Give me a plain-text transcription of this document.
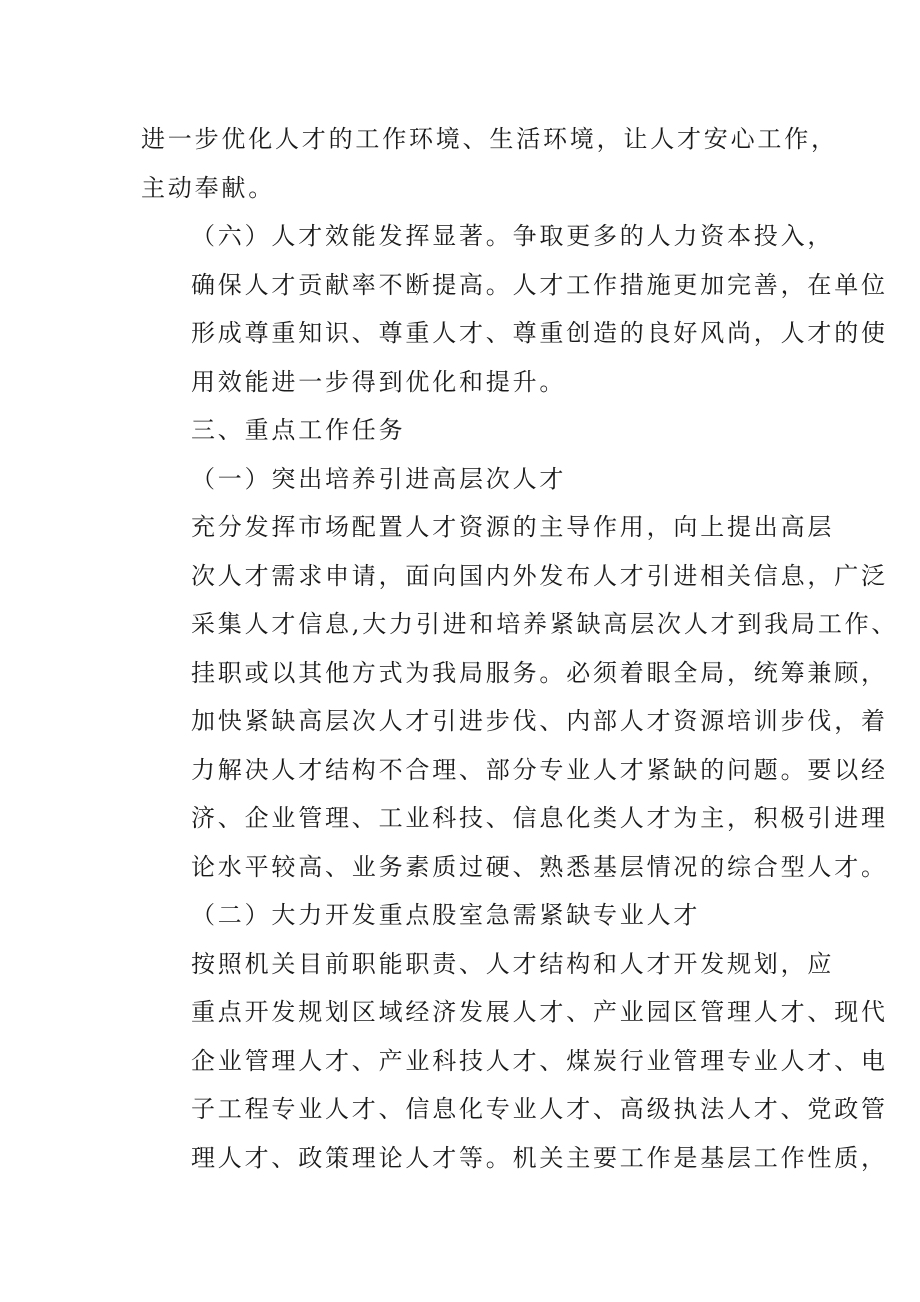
进一步优化人才的工作环境、生活环境，让人才安心工作，
主动奉献。
（六）人才效能发挥显著。争取更多的人力资本投入，
确保人才贡献率不断提高。人才工作措施更加完善，在单位
形成尊重知识、尊重人才、尊重创造的良好风尚，人才的使
用效能进一步得到优化和提升。
三、重点工作任务
（一）突出培养引进高层次人才
充分发挥市场配置人才资源的主导作用，向上提出高层
次人才需求申请，面向国内外发布人才引进相关信息，广泛
采集人才信息,大力引进和培养紧缺高层次人才到我局工作、
挂职或以其他方式为我局服务。必须着眼全局，统筹兼顾，
加快紧缺高层次人才引进步伐、内部人才资源培训步伐，着
力解决人才结构不合理、部分专业人才紧缺的问题。要以经
济、企业管理、工业科技、信息化类人才为主，积极引进理
论水平较高、业务素质过硬、熟悉基层情况的综合型人才。
（二）大力开发重点股室急需紧缺专业人才
按照机关目前职能职责、人才结构和人才开发规划，应
重点开发规划区域经济发展人才、产业园区管理人才、现代
企业管理人才、产业科技人才、煤炭行业管理专业人才、电
子工程专业人才、信息化专业人才、高级执法人才、党政管
理人才、政策理论人才等。机关主要工作是基层工作性质，
